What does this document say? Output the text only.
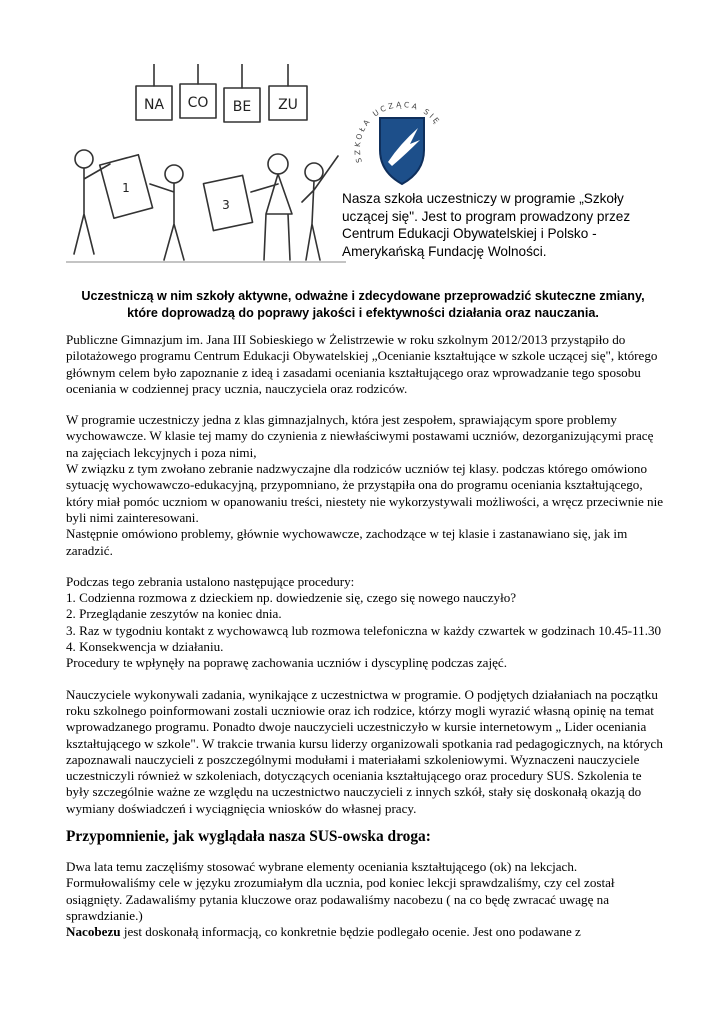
NA CO BE ZU
1
3
SZKOŁA UCZĄCA SIĘ
Nasza szkoła uczestniczy w programie „Szkoły uczącej się". Jest to program prowadzony przez Centrum Edukacji Obywatelskiej i Polsko - Amerykańską Fundację Wolności.
Uczestniczą w nim szkoły aktywne, odważne i zdecydowane przeprowadzić skuteczne zmiany, które doprowadzą do poprawy jakości i efektywności działania oraz nauczania.

Publiczne Gimnazjum im. Jana III Sobieskiego w Żelistrzewie w roku szkolnym 2012/2013 przystąpiło do pilotażowego programu Centrum Edukacji Obywatelskiej „Ocenianie kształtujące w szkole uczącej się", którego głównym celem było zapoznanie z ideą i zasadami oceniania kształtującego oraz wprowadzanie tego sposobu oceniania w codziennej pracy ucznia, nauczyciela oraz rodziców.

W programie uczestniczy jedna z klas gimnazjalnych, która jest zespołem, sprawiającym spore problemy wychowawcze. W klasie tej mamy do czynienia z niewłaściwymi postawami uczniów, dezorganizującymi pracę na zajęciach lekcyjnych i poza nimi,

W związku z tym zwołano zebranie nadzwyczajne dla rodziców uczniów tej klasy. podczas którego omówiono sytuację wychowawczo-edukacyjną, przypomniano, że przystąpiła ona do programu oceniania kształtującego, który miał pomóc uczniom w opanowaniu treści, niestety nie wykorzystywali możliwości, a wręcz przeciwnie nie byli nimi zainteresowani.

Następnie omówiono problemy, głównie wychowawcze, zachodzące w tej klasie i zastanawiano się, jak im zaradzić.

Podczas tego zebrania ustalono następujące procedury:

1. Codzienna rozmowa z dzieckiem np. dowiedzenie się, czego się nowego nauczyło?

2. Przeglądanie zeszytów na koniec dnia.

3. Raz w tygodniu kontakt z wychowawcą lub rozmowa telefoniczna w każdy czwartek w godzinach 10.45-11.30

4. Konsekwencja w działaniu.

Procedury te wpłynęły na poprawę zachowania uczniów i dyscyplinę podczas zajęć.

Nauczyciele wykonywali zadania, wynikające z uczestnictwa w programie. O podjętych działaniach na początku roku szkolnego poinformowani zostali uczniowie oraz ich rodzice, którzy mogli wyrazić własną opinię na temat wprowadzanego programu. Ponadto dwoje nauczycieli uczestniczyło w kursie internetowym „ Lider oceniania kształtującego w szkole". W trakcie trwania kursu liderzy organizowali spotkania rad pedagogicznych, na których zapoznawali nauczycieli z poszczególnymi modułami i materiałami szkoleniowymi. Wyznaczeni nauczyciele uczestniczyli również w szkoleniach, dotyczących oceniania kształtującego oraz procedury SUS. Szkolenia te były szczególnie ważne ze względu na uczestnictwo nauczycieli z innych szkół, stały się doskonałą okazją do wymiany doświadczeń i wyciągnięcia wniosków do własnej pracy.

Przypomnienie, jak wyglądała nasza SUS-owska droga:

Dwa lata temu zaczęliśmy stosować wybrane elementy oceniania kształtującego (ok) na lekcjach.

Formułowaliśmy cele w języku zrozumiałym dla ucznia, pod koniec lekcji sprawdzaliśmy, czy cel został osiągnięty. Zadawaliśmy pytania kluczowe oraz podawaliśmy nacobezu ( na co będę zwracać uwagę na sprawdzianie.)

Nacobezu jest doskonałą informacją, co konkretnie będzie podlegało ocenie. Jest ono podawane z
